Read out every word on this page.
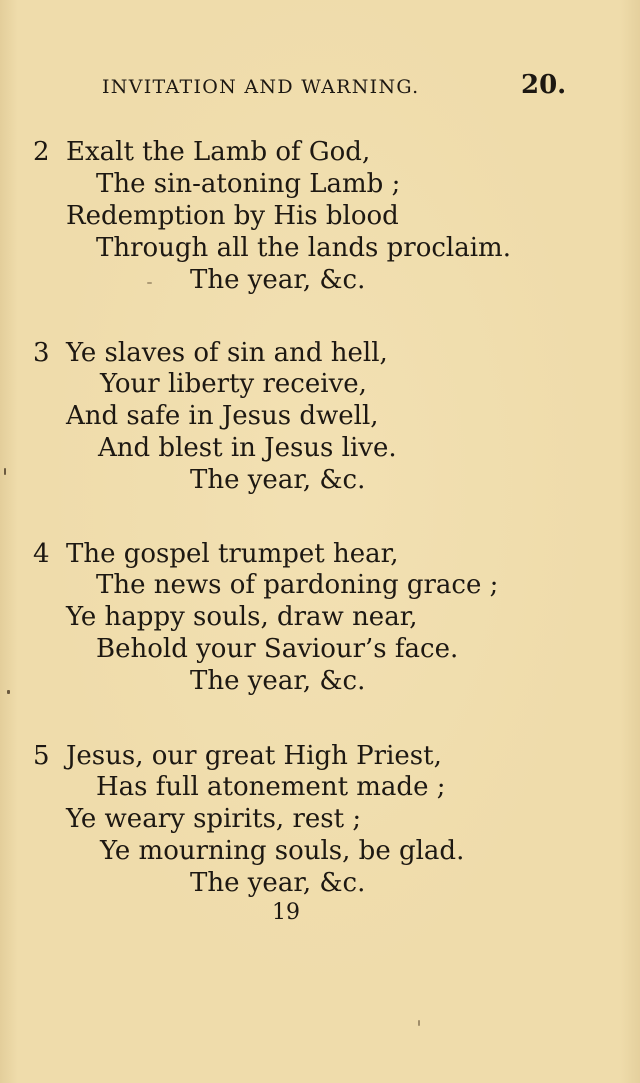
INVITATION AND WARNING.	20.
2 Exalt the Lamb of God,
The sin-atoning Lamb ;
Redemption by His blood
Through all the lands proclaim.
The year, &c.
3 Ye slaves of sin and hell,
Your liberty receive,
And safe in Jesus dwell,
And blest in Jesus live.
The year, &c.
4 The gospel trumpet hear,
The news of pardoning grace ;
Ye happy souls, draw near,
Behold your Saviour’s face.
The year, &c.
5 Jesus, our great High Priest,
Has full atonement made ;
Ye weary spirits, rest ;
Ye mourning souls, be glad.
The year, &c.
19
